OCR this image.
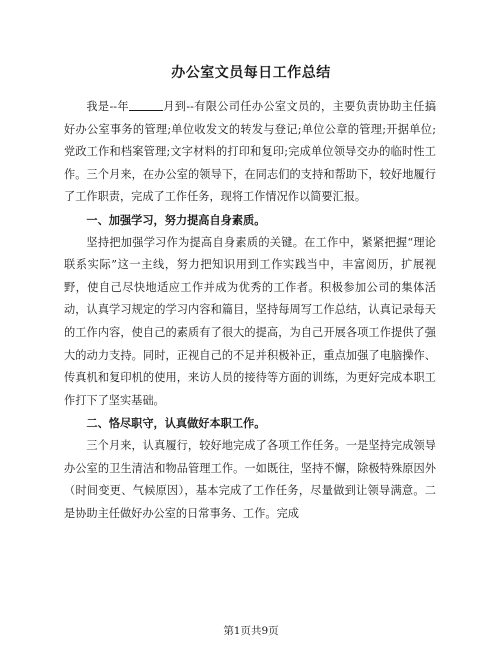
办公室文员每日工作总结

我是--年	月到--有限公司任办公室文员的，主要负责协助主任搞好办公室事务的管理;单位收发文的转发与登记;单位公章的管理;开据单位;党政工作和档案管理;文字材料的打印和复印;完成单位领导交办的临时性工作。三个月来，在办公室的领导下，在同志们的支持和帮助下，较好地履行了工作职责，完成了工作任务，现将工作情况作以简要汇报。

一、加强学习，努力提高自身素质。

坚持把加强学习作为提高自身素质的关键。在工作中，紧紧把握“理论联系实际”这一主线，努力把知识用到工作实践当中，丰富阅历，扩展视野，使自己尽快地适应工作并成为优秀的工作者。积极参加公司的集体活动，认真学习规定的学习内容和篇目，坚持每周写工作总结，认真记录每天的工作内容，使自己的素质有了很大的提高，为自己开展各项工作提供了强大的动力支持。同时，正视自己的不足并积极补正，重点加强了电脑操作、传真机和复印机的使用，来访人员的接待等方面的训练，为更好完成本职工作打下了坚实基础。

二、恪尽职守，认真做好本职工作。

三个月来，认真履行，较好地完成了各项工作任务。一是坚持完成领导办公室的卫生清洁和物品管理工作。一如既往，坚持不懈，除极特殊原因外（时间变更、气候原因），基本完成了工作任务，尽量做到让领导满意。二是协助主任做好办公室的日常事务、工作。完成

第1页共9页
